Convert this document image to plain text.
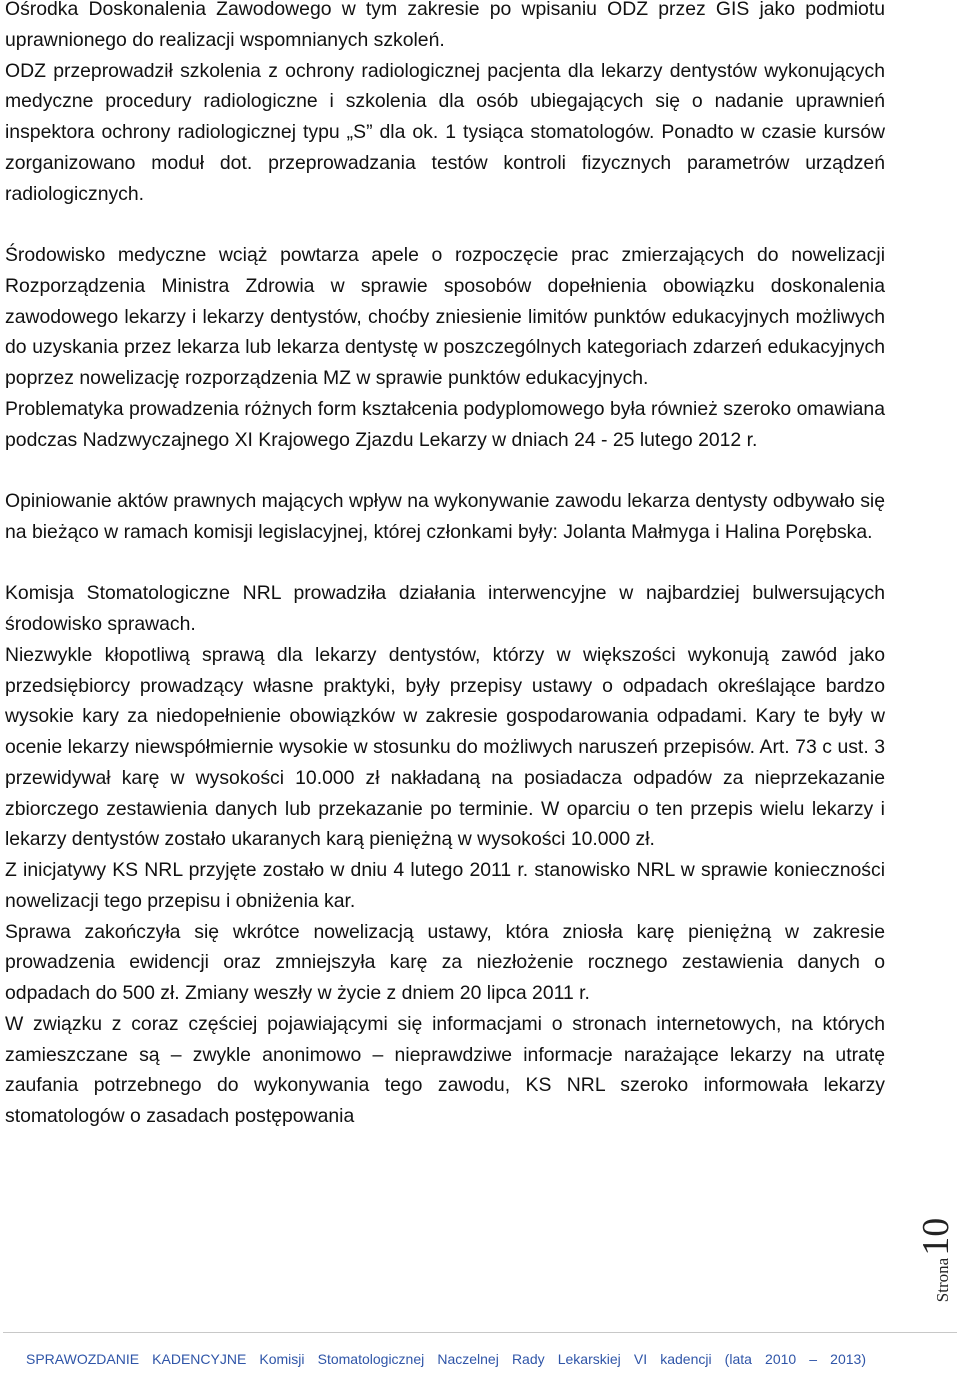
Ośrodka Doskonalenia Zawodowego w tym zakresie po wpisaniu ODZ przez GIS jako podmiotu uprawnionego do realizacji wspomnianych szkoleń.

ODZ przeprowadził szkolenia z ochrony radiologicznej pacjenta dla lekarzy dentystów wykonujących medyczne procedury radiologiczne i szkolenia dla osób ubiegających się o nadanie uprawnień inspektora ochrony radiologicznej typu „S” dla ok. 1 tysiąca stomatologów. Ponadto w czasie kursów zorganizowano moduł dot. przeprowadzania testów kontroli fizycznych parametrów urządzeń radiologicznych.

Środowisko medyczne wciąż powtarza apele o rozpoczęcie prac zmierzających do nowelizacji Rozporządzenia Ministra Zdrowia w sprawie sposobów dopełnienia obowiązku doskonalenia zawodowego lekarzy i lekarzy dentystów, choćby zniesienie limitów punktów edukacyjnych możliwych do uzyskania przez lekarza lub lekarza dentystę w poszczególnych kategoriach zdarzeń edukacyjnych poprzez nowelizację rozporządzenia MZ w sprawie punktów edukacyjnych.

Problematyka prowadzenia różnych form kształcenia podyplomowego była również szeroko omawiana podczas Nadzwyczajnego XI Krajowego Zjazdu Lekarzy w dniach 24 - 25 lutego 2012 r.

Opiniowanie aktów prawnych mających wpływ na wykonywanie zawodu lekarza dentysty odbywało się na bieżąco w ramach komisji legislacyjnej, której członkami były: Jolanta Małmyga i Halina Porębska.

Komisja Stomatologiczne NRL prowadziła działania interwencyjne w najbardziej bulwersujących środowisko sprawach.

Niezwykle kłopotliwą sprawą dla lekarzy dentystów, którzy w większości wykonują zawód jako przedsiębiorcy prowadzący własne praktyki, były przepisy ustawy o odpadach określające bardzo wysokie kary za niedopełnienie obowiązków w zakresie gospodarowania odpadami. Kary te były w ocenie lekarzy niewspółmiernie wysokie w stosunku do możliwych naruszeń przepisów. Art. 73 c ust. 3 przewidywał karę w wysokości 10.000 zł nakładaną na posiadacza odpadów za nieprzekazanie zbiorczego zestawienia danych lub przekazanie po terminie. W oparciu o ten przepis wielu lekarzy i lekarzy dentystów zostało ukaranych karą pieniężną w wysokości 10.000 zł.

Z inicjatywy KS NRL przyjęte zostało w dniu 4 lutego 2011 r. stanowisko NRL w sprawie konieczności nowelizacji tego przepisu i obniżenia kar.

Sprawa zakończyła się wkrótce nowelizacją ustawy, która zniosła karę pieniężną w zakresie prowadzenia ewidencji oraz zmniejszyła karę za niezłożenie rocznego zestawienia danych o odpadach do 500 zł. Zmiany weszły w życie z dniem 20 lipca 2011 r.

W związku z coraz częściej pojawiającymi się informacjami o stronach internetowych, na których zamieszczane są – zwykle anonimowo – nieprawdziwe informacje narażające lekarzy na utratę zaufania potrzebnego do wykonywania tego zawodu, KS NRL szeroko informowała lekarzy stomatologów o zasadach postępowania

Strona
10
SPRAWOZDANIE KADENCYJNE Komisji Stomatologicznej Naczelnej Rady Lekarskiej VI kadencji (lata 2010 – 2013)
